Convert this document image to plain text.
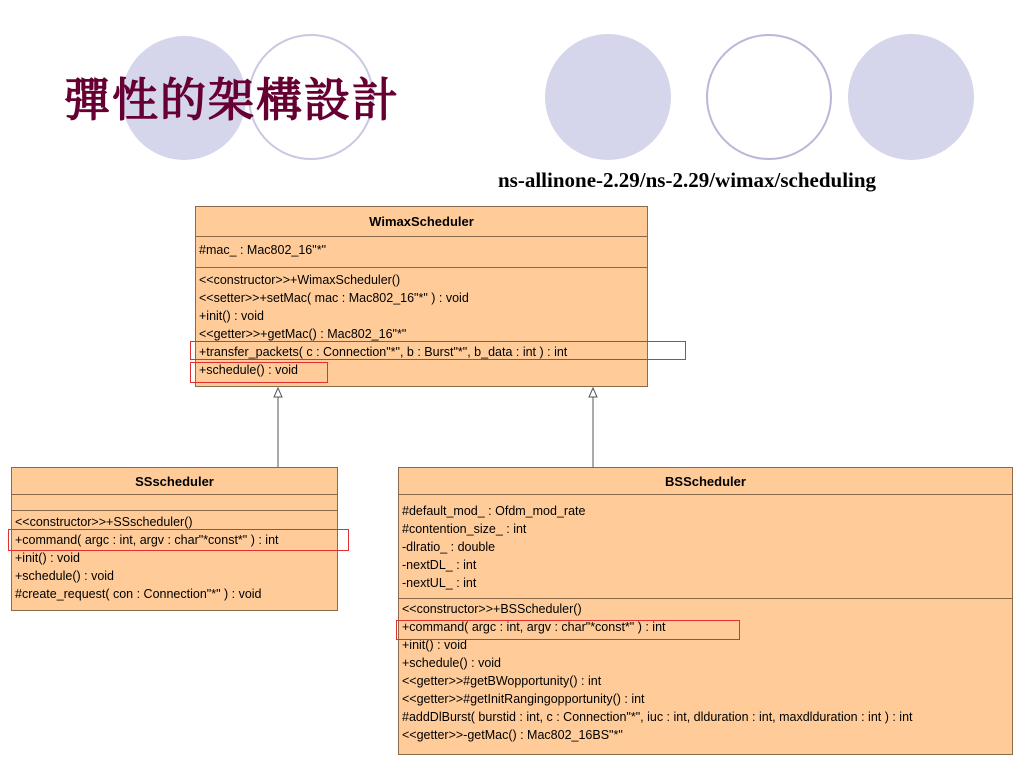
彈性的架構設計
ns-allinone-2.29/ns-2.29/wimax/scheduling
WimaxScheduler
#mac_ : Mac802_16"*"
<<constructor>>+WimaxScheduler()
<<setter>>+setMac( mac : Mac802_16"*" ) : void
+init() : void
<<getter>>+getMac() : Mac802_16"*"
+transfer_packets( c : Connection"*", b : Burst"*", b_data : int ) : int
+schedule() : void
SSscheduler
<<constructor>>+SSscheduler()
+command( argc : int, argv : char"*const*" ) : int
+init() : void
+schedule() : void
#create_request( con : Connection"*" ) : void
BSScheduler
#default_mod_ : Ofdm_mod_rate
#contention_size_ : int
-dlratio_ : double
-nextDL_ : int
-nextUL_ : int
<<constructor>>+BSScheduler()
+command( argc : int, argv : char"*const*" ) : int
+init() : void
+schedule() : void
<<getter>>#getBWopportunity() : int
<<getter>>#getInitRangingopportunity() : int
#addDlBurst( burstid : int, c : Connection"*", iuc : int, dlduration : int, maxdlduration : int ) : int
<<getter>>-getMac() : Mac802_16BS"*"
